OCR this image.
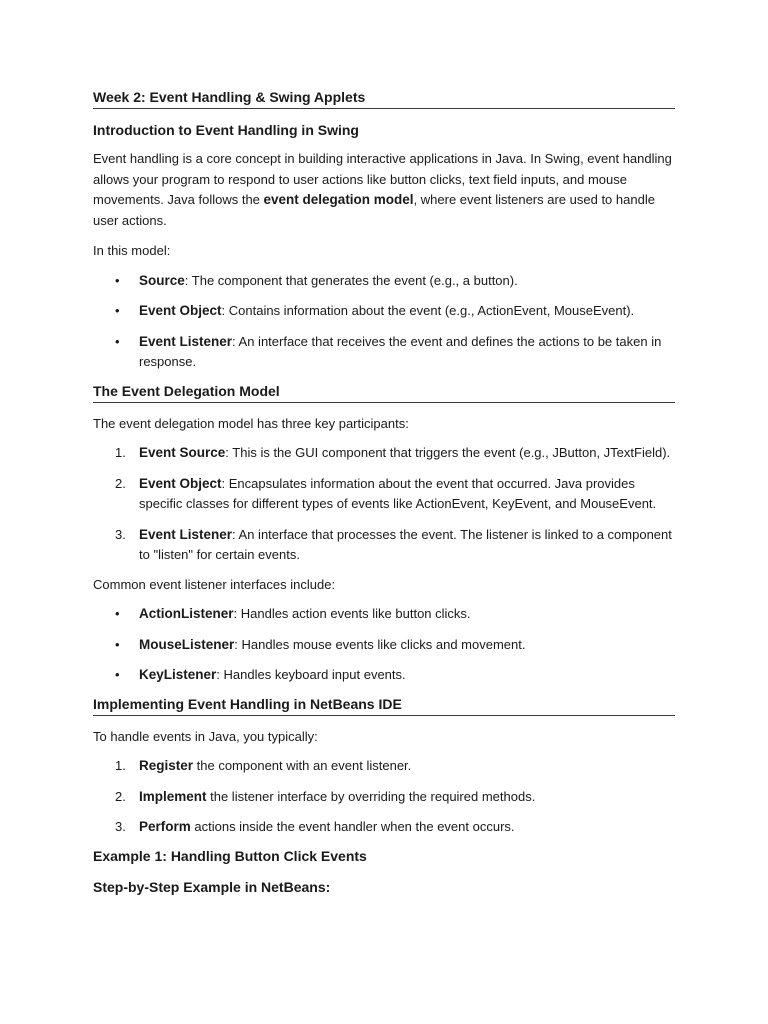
Week 2: Event Handling & Swing Applets
Introduction to Event Handling in Swing

Event handling is a core concept in building interactive applications in Java. In Swing, event handling allows your program to respond to user actions like button clicks, text field inputs, and mouse movements. Java follows the event delegation model, where event listeners are used to handle user actions.

In this model:

• Source: The component that generates the event (e.g., a button).
• Event Object: Contains information about the event (e.g., ActionEvent, MouseEvent).
• Event Listener: An interface that receives the event and defines the actions to be taken in response.
The Event Delegation Model

The event delegation model has three key participants:

1. Event Source: This is the GUI component that triggers the event (e.g., JButton, JTextField).
2. Event Object: Encapsulates information about the event that occurred. Java provides specific classes for different types of events like ActionEvent, KeyEvent, and MouseEvent.
3. Event Listener: An interface that processes the event. The listener is linked to a component to "listen" for certain events.

Common event listener interfaces include:

• ActionListener: Handles action events like button clicks.
• MouseListener: Handles mouse events like clicks and movement.
• KeyListener: Handles keyboard input events.
Implementing Event Handling in NetBeans IDE

To handle events in Java, you typically:

1. Register the component with an event listener.
2. Implement the listener interface by overriding the required methods.
3. Perform actions inside the event handler when the event occurs.
Example 1: Handling Button Click Events
Step-by-Step Example in NetBeans:
